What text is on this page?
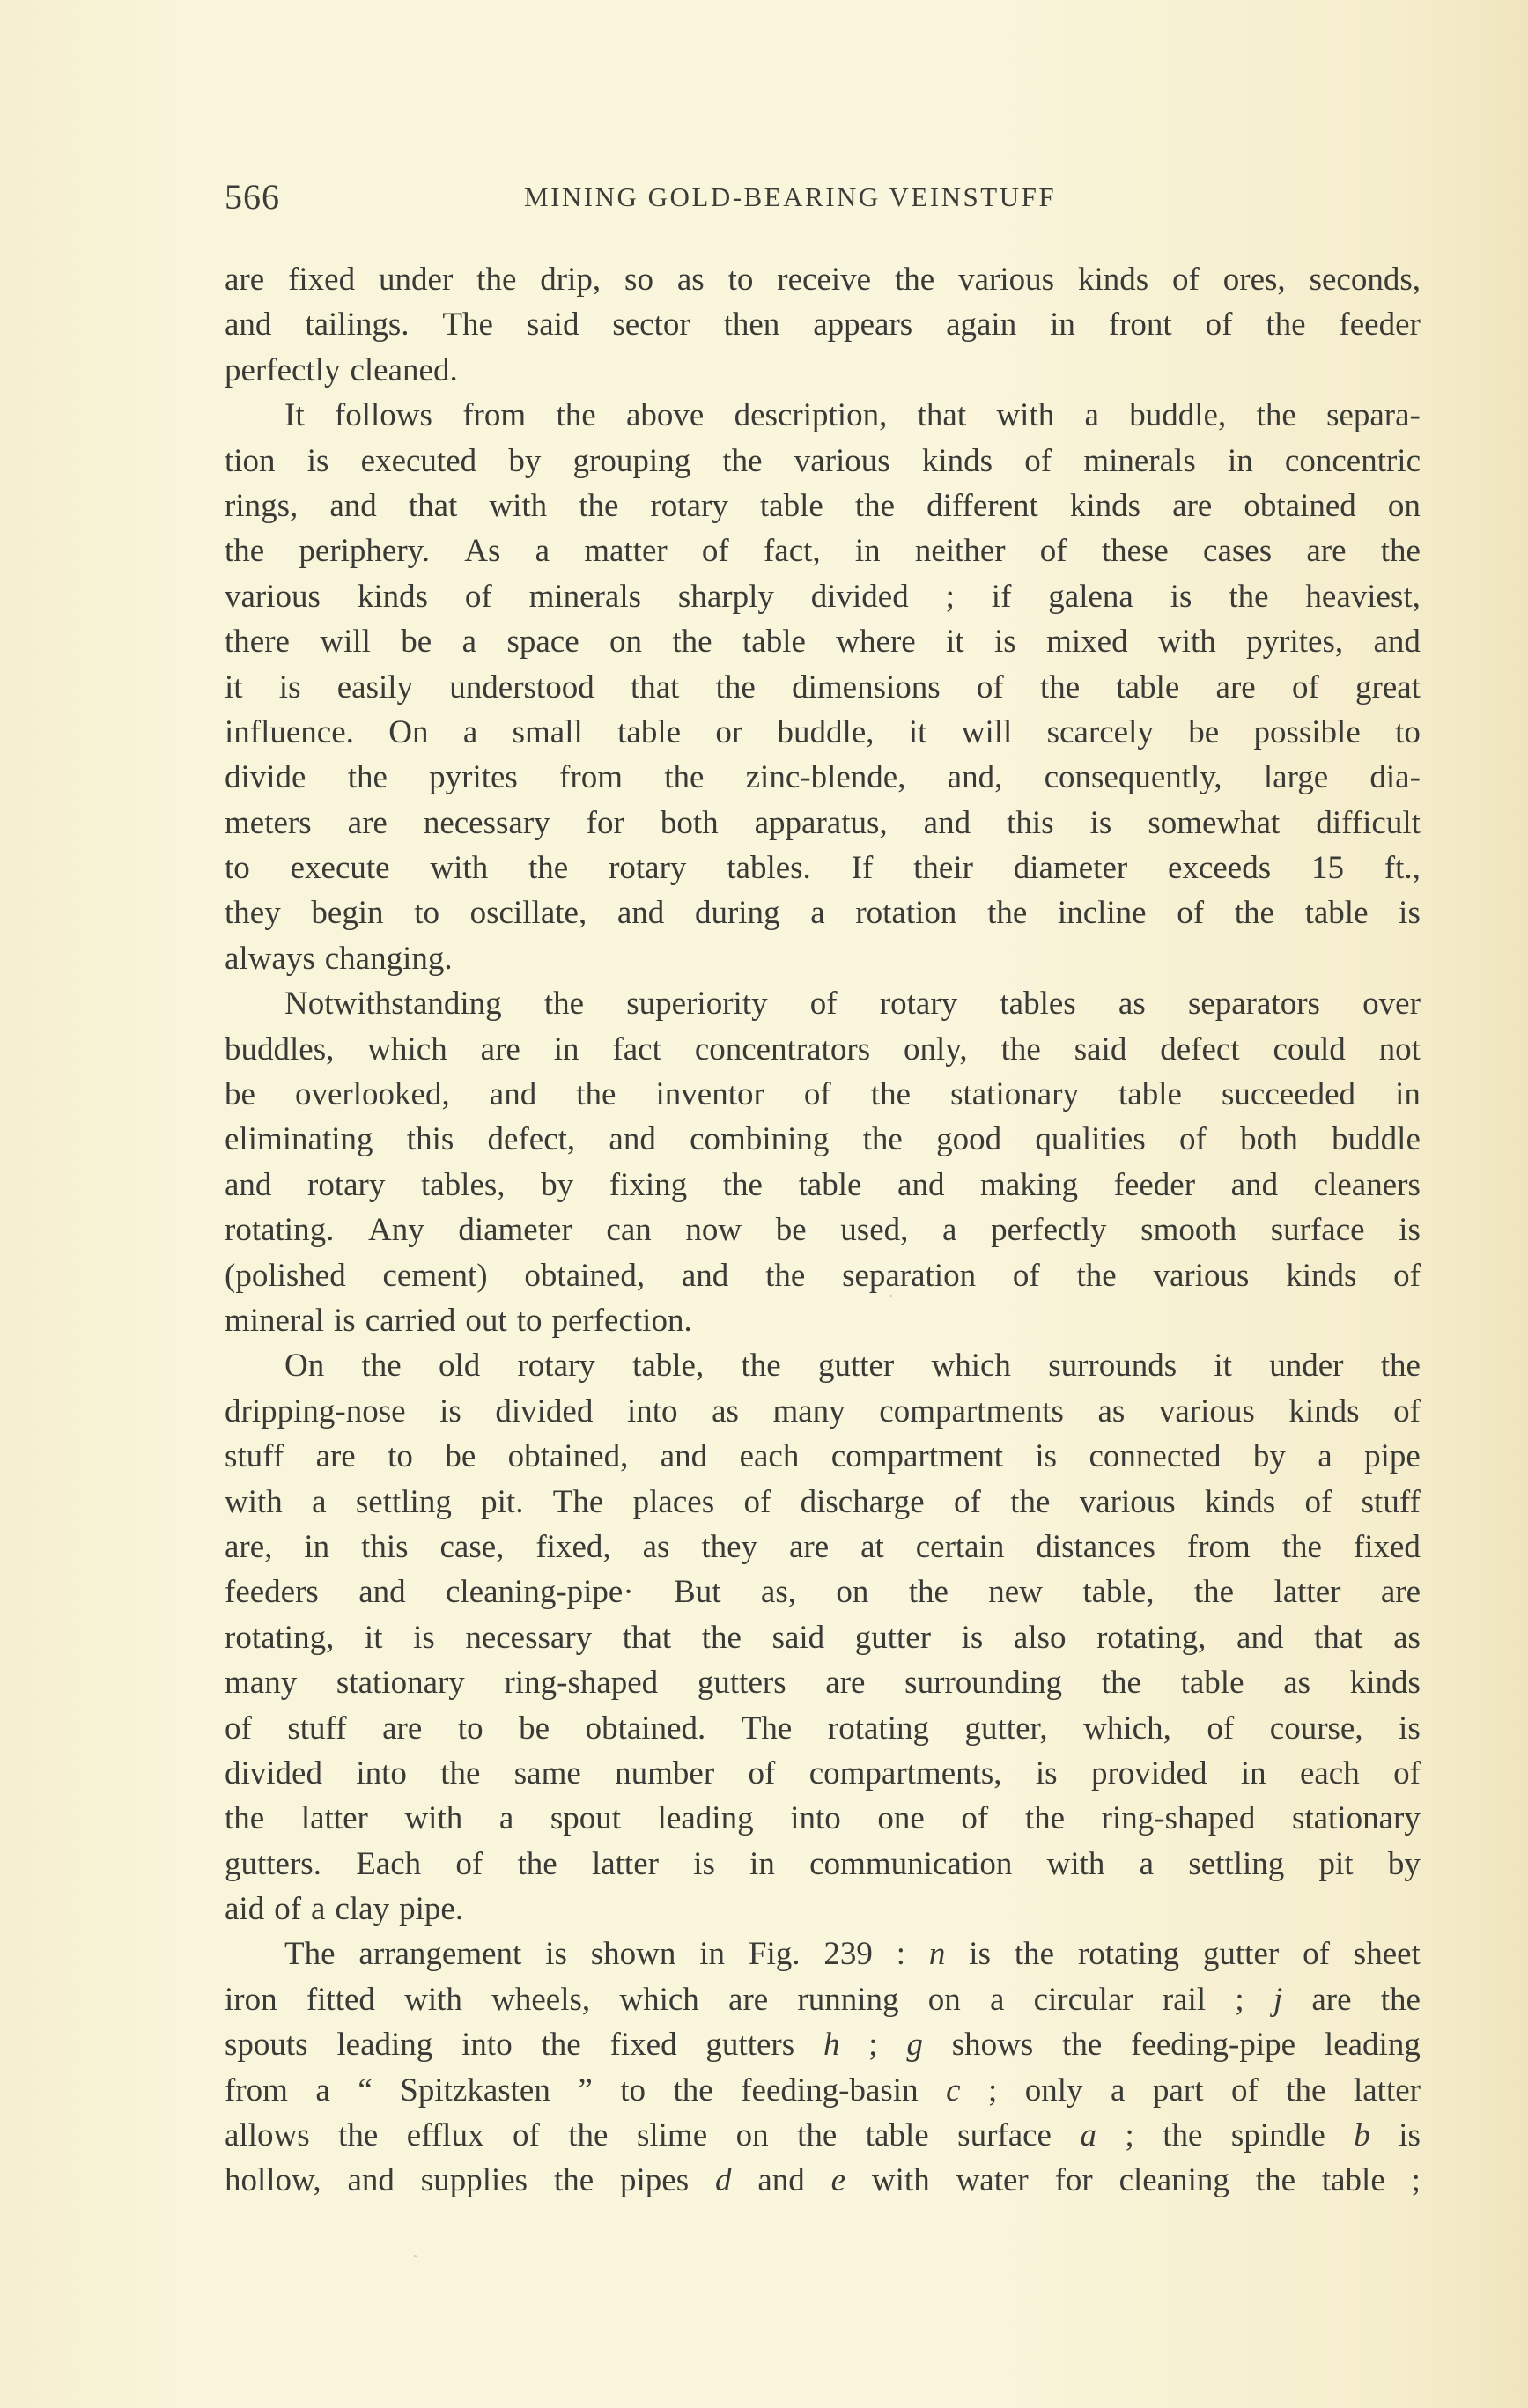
566	MINING GOLD-BEARING VEINSTUFF
are fixed under the drip, so as to receive the various kinds of ores, seconds,
and tailings. The said sector then appears again in front of the feeder
perfectly cleaned.
It follows from the above description, that with a buddle, the separa-
tion is executed by grouping the various kinds of minerals in concentric
rings, and that with the rotary table the different kinds are obtained on
the periphery. As a matter of fact, in neither of these cases are the
various kinds of minerals sharply divided ; if galena is the heaviest,
there will be a space on the table where it is mixed with pyrites, and
it is easily understood that the dimensions of the table are of great
influence. On a small table or buddle, it will scarcely be possible to
divide the pyrites from the zinc-blende, and, consequently, large dia-
meters are necessary for both apparatus, and this is somewhat difficult
to execute with the rotary tables. If their diameter exceeds 15 ft.,
they begin to oscillate, and during a rotation the incline of the table is
always changing.
Notwithstanding the superiority of rotary tables as separators over
buddles, which are in fact concentrators only, the said defect could not
be overlooked, and the inventor of the stationary table succeeded in
eliminating this defect, and combining the good qualities of both buddle
and rotary tables, by fixing the table and making feeder and cleaners
rotating. Any diameter can now be used, a perfectly smooth surface is
(polished cement) obtained, and the separation of the various kinds of
mineral is carried out to perfection.
On the old rotary table, the gutter which surrounds it under the
dripping-nose is divided into as many compartments as various kinds of
stuff are to be obtained, and each compartment is connected by a pipe
with a settling pit. The places of discharge of the various kinds of stuff
are, in this case, fixed, as they are at certain distances from the fixed
feeders and cleaning-pipe· But as, on the new table, the latter are
rotating, it is necessary that the said gutter is also rotating, and that as
many stationary ring-shaped gutters are surrounding the table as kinds
of stuff are to be obtained. The rotating gutter, which, of course, is
divided into the same number of compartments, is provided in each of
the latter with a spout leading into one of the ring-shaped stationary
gutters. Each of the latter is in communication with a settling pit by
aid of a clay pipe.
The arrangement is shown in Fig. 239 : n is the rotating gutter of sheet
iron fitted with wheels, which are running on a circular rail ; j are the
spouts leading into the fixed gutters h ; g shows the feeding-pipe leading
from a “ Spitzkasten ” to the feeding-basin c ; only a part of the latter
allows the efflux of the slime on the table surface a ; the spindle b is
hollow, and supplies the pipes d and e with water for cleaning the table ;
